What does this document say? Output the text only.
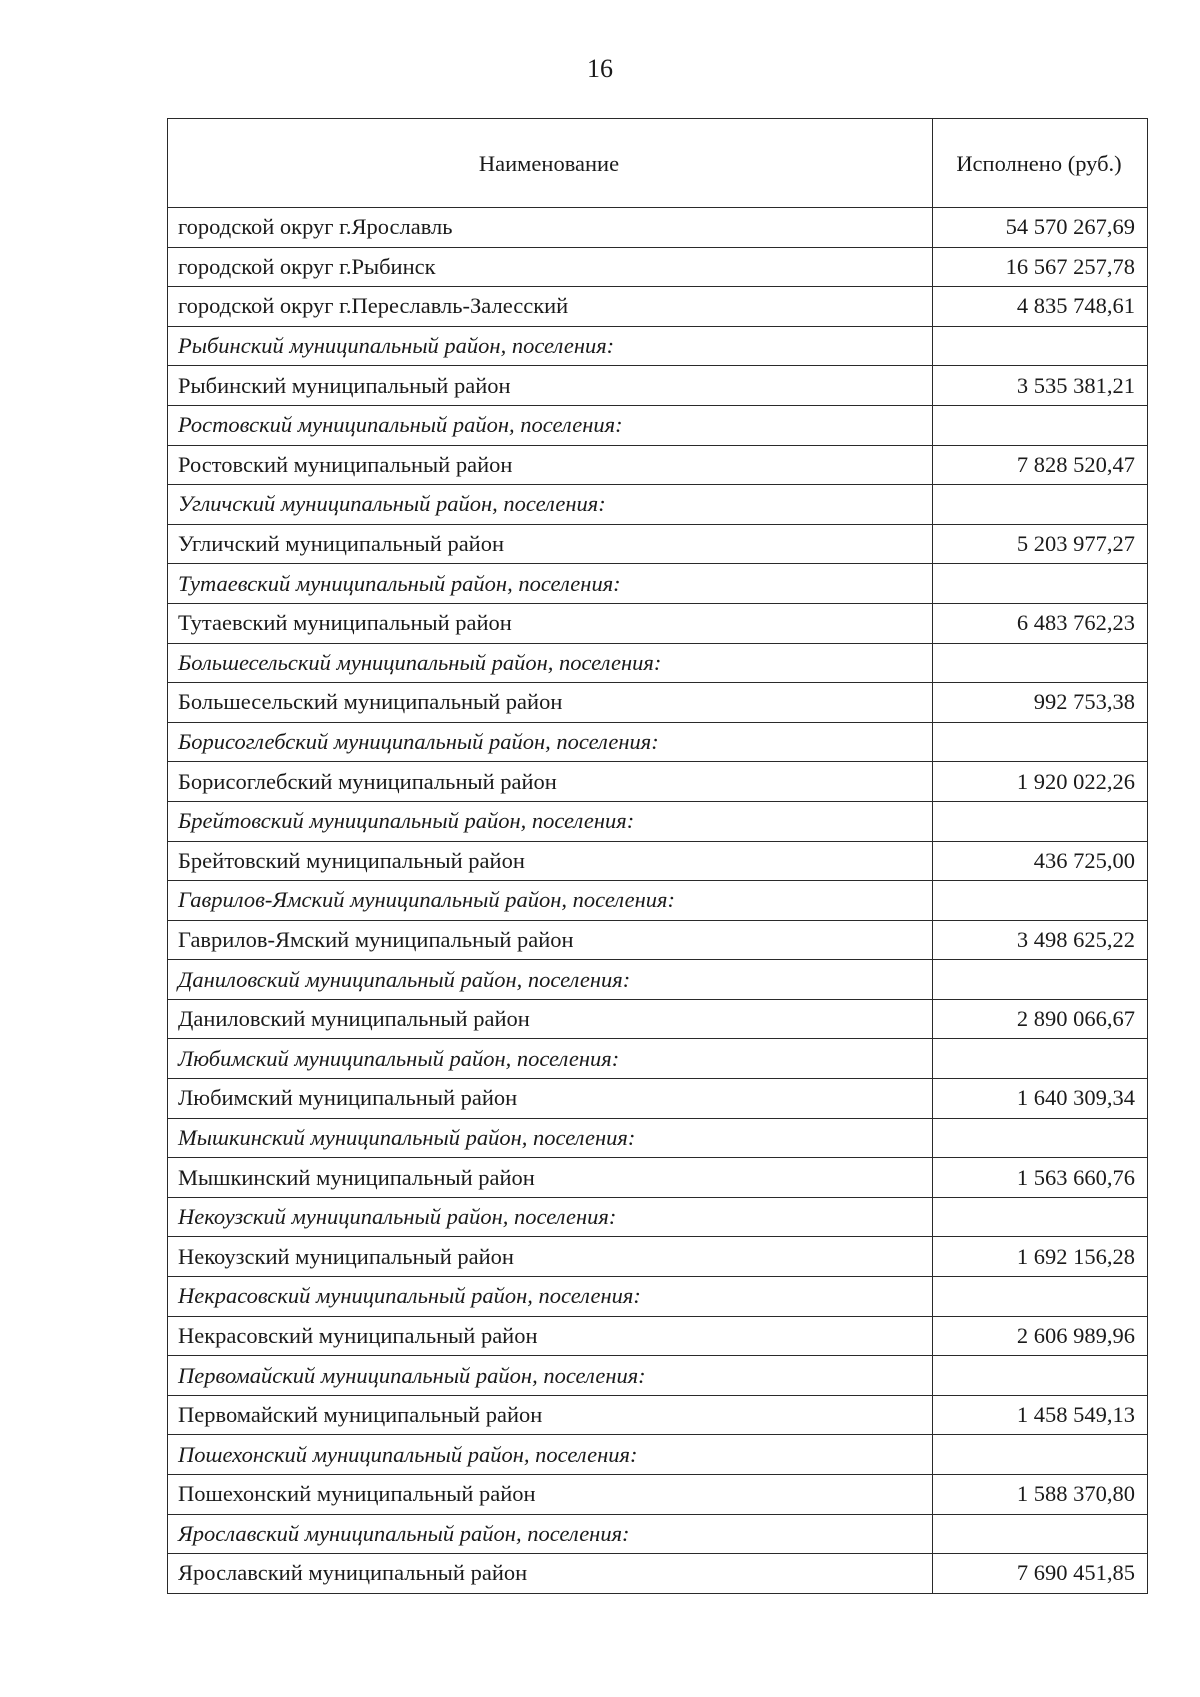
16
Наименование	Исполнено (руб.)
городской округ г.Ярославль	54 570 267,69
городской округ г.Рыбинск	16 567 257,78
городской округ г.Переславль-Залесский	4 835 748,61
Рыбинский муниципальный район, поселения:	
Рыбинский муниципальный район	3 535 381,21
Ростовский муниципальный район, поселения:	
Ростовский муниципальный район	7 828 520,47
Угличский муниципальный район, поселения:	
Угличский муниципальный район	5 203 977,27
Тутаевский муниципальный район, поселения:	
Тутаевский муниципальный район	6 483 762,23
Большесельский муниципальный район, поселения:	
Большесельский муниципальный район	992 753,38
Борисоглебский муниципальный район, поселения:	
Борисоглебский муниципальный район	1 920 022,26
Брейтовский муниципальный район, поселения:	
Брейтовский муниципальный район	436 725,00
Гаврилов-Ямский муниципальный район, поселения:	
Гаврилов-Ямский муниципальный район	3 498 625,22
Даниловский муниципальный район, поселения:	
Даниловский муниципальный район	2 890 066,67
Любимский муниципальный район, поселения:	
Любимский муниципальный район	1 640 309,34
Мышкинский муниципальный район, поселения:	
Мышкинский муниципальный район	1 563 660,76
Некоузский муниципальный район, поселения:	
Некоузский муниципальный район	1 692 156,28
Некрасовский муниципальный район, поселения:	
Некрасовский муниципальный район	2 606 989,96
Первомайский муниципальный район, поселения:	
Первомайский муниципальный район	1 458 549,13
Пошехонский муниципальный район, поселения:	
Пошехонский муниципальный район	1 588 370,80
Ярославский муниципальный район, поселения:	
Ярославский муниципальный район	7 690 451,85
